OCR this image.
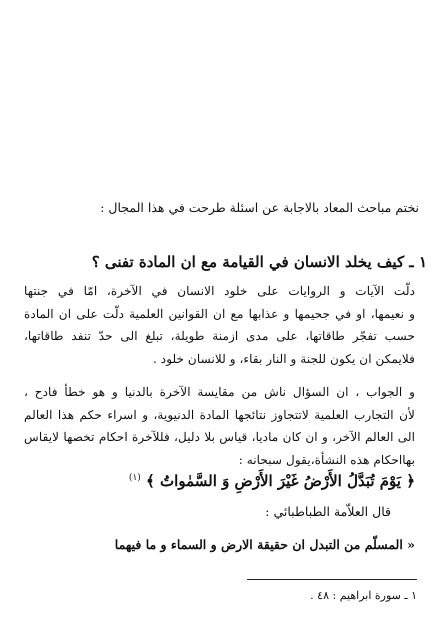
نختم مباحث المعاد بالاجابة عن اسئلة طرحت في هذا المجال :
١ ـ كيف يخلد الانسان في القيامة مع ان المادة تفنى ؟
دلّت الآيات و الروايات على خلود الانسان في الآخرة، امّا في جنتها
و نعيمها، او في جحيمها و عذابها مع ان القوانين العلمية دلّت على ان المادة
حسب تفجّر طاقاتها، على مدى ازمنة طويلة، تبلغ الى حدّ تنفد طاقاتها،
فلايمكن ان يكون للجنة و النار بقاء، و للانسان خلود .
و الجواب ، ان السؤال ناش من مقايسة الآخرة بالدنيا و هو خطأ فادح ،
لأن التجارب العلمية لاتتجاوز نتائجها المادة الدنيوية، و اسراء حكم هذا العالم
الى العالم الآخر، و ان كان ماديا، قياس بلا دليل، فللآخرة احكام تخصها لايقاس
بهااحكام هذه النشأة،يقول سبحانه :
﴿ يَوْمَ تُبَدَّلُ الأَرْضُ غَيْرَ الأَرْضِ وَ السَّمٰواتُ ﴾ $^{(١)}$
قال العلاّمة الطباطبائي :
« المسلّم من التبدل ان حقيقة الارض و السماء و ما فيهما
١ ـ سورة ابراهيم : ٤٨ .
